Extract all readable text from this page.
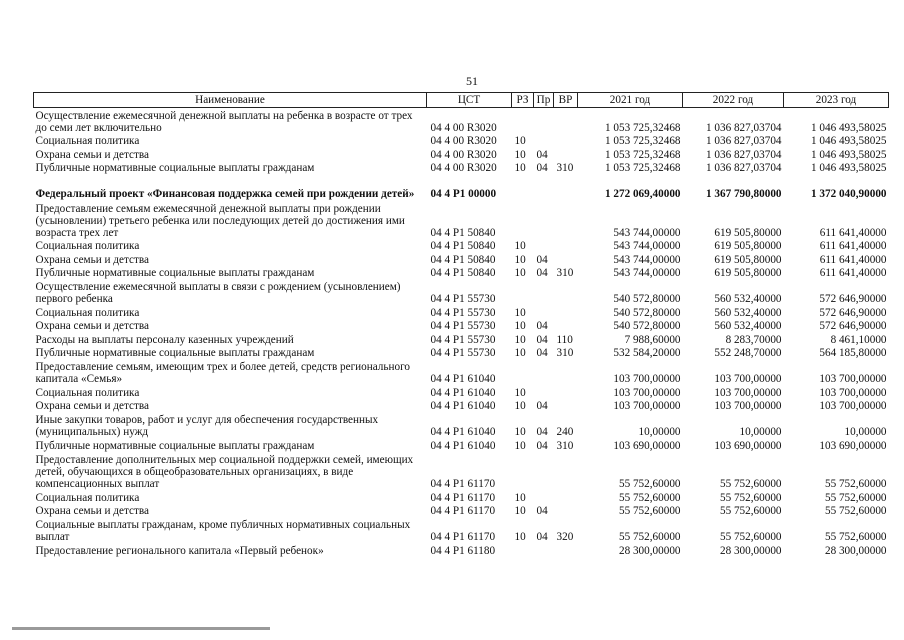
51
Наименование	ЦСТ	РЗ	Пр	ВР	2021 год	2022 год	2023 год
Осуществление ежемесячной денежной выплаты на ребенка в возрасте от трех до семи лет включительно	04 4 00 R3020				1 053 725,32468	1 036 827,03704	1 046 493,58025
Социальная политика	04 4 00 R3020	10			1 053 725,32468	1 036 827,03704	1 046 493,58025
Охрана семьи и детства	04 4 00 R3020	10	04		1 053 725,32468	1 036 827,03704	1 046 493,58025
Публичные нормативные социальные выплаты гражданам	04 4 00 R3020	10	04	310	1 053 725,32468	1 036 827,03704	1 046 493,58025
Федеральный проект «Финансовая поддержка семей при рождении детей»	04 4 P1 00000				1 272 069,40000	1 367 790,80000	1 372 040,90000
Предоставление семьям ежемесячной денежной выплаты при рождении (усыновлении) третьего ребенка или последующих детей до достижения ими возраста трех лет	04 4 P1 50840				543 744,00000	619 505,80000	611 641,40000
Социальная политика	04 4 P1 50840	10			543 744,00000	619 505,80000	611 641,40000
Охрана семьи и детства	04 4 P1 50840	10	04		543 744,00000	619 505,80000	611 641,40000
Публичные нормативные социальные выплаты гражданам	04 4 P1 50840	10	04	310	543 744,00000	619 505,80000	611 641,40000
Осуществление ежемесячной выплаты в связи с рождением (усыновлением) первого ребенка	04 4 P1 55730				540 572,80000	560 532,40000	572 646,90000
Социальная политика	04 4 P1 55730	10			540 572,80000	560 532,40000	572 646,90000
Охрана семьи и детства	04 4 P1 55730	10	04		540 572,80000	560 532,40000	572 646,90000
Расходы на выплаты персоналу казенных учреждений	04 4 P1 55730	10	04	110	7 988,60000	8 283,70000	8 461,10000
Публичные нормативные социальные выплаты гражданам	04 4 P1 55730	10	04	310	532 584,20000	552 248,70000	564 185,80000
Предоставление семьям, имеющим трех и более детей, средств регионального капитала «Семья»	04 4 P1 61040				103 700,00000	103 700,00000	103 700,00000
Социальная политика	04 4 P1 61040	10			103 700,00000	103 700,00000	103 700,00000
Охрана семьи и детства	04 4 P1 61040	10	04		103 700,00000	103 700,00000	103 700,00000
Иные закупки товаров, работ и услуг для обеспечения государственных (муниципальных) нужд	04 4 P1 61040	10	04	240	10,00000	10,00000	10,00000
Публичные нормативные социальные выплаты гражданам	04 4 P1 61040	10	04	310	103 690,00000	103 690,00000	103 690,00000
Предоставление дополнительных мер социальной поддержки семей, имеющих детей, обучающихся в общеобразовательных организациях, в виде компенсационных выплат	04 4 P1 61170				55 752,60000	55 752,60000	55 752,60000
Социальная политика	04 4 P1 61170	10			55 752,60000	55 752,60000	55 752,60000
Охрана семьи и детства	04 4 P1 61170	10	04		55 752,60000	55 752,60000	55 752,60000
Социальные выплаты гражданам, кроме публичных нормативных социальных выплат	04 4 P1 61170	10	04	320	55 752,60000	55 752,60000	55 752,60000
Предоставление регионального капитала «Первый ребенок»	04 4 P1 61180				28 300,00000	28 300,00000	28 300,00000
